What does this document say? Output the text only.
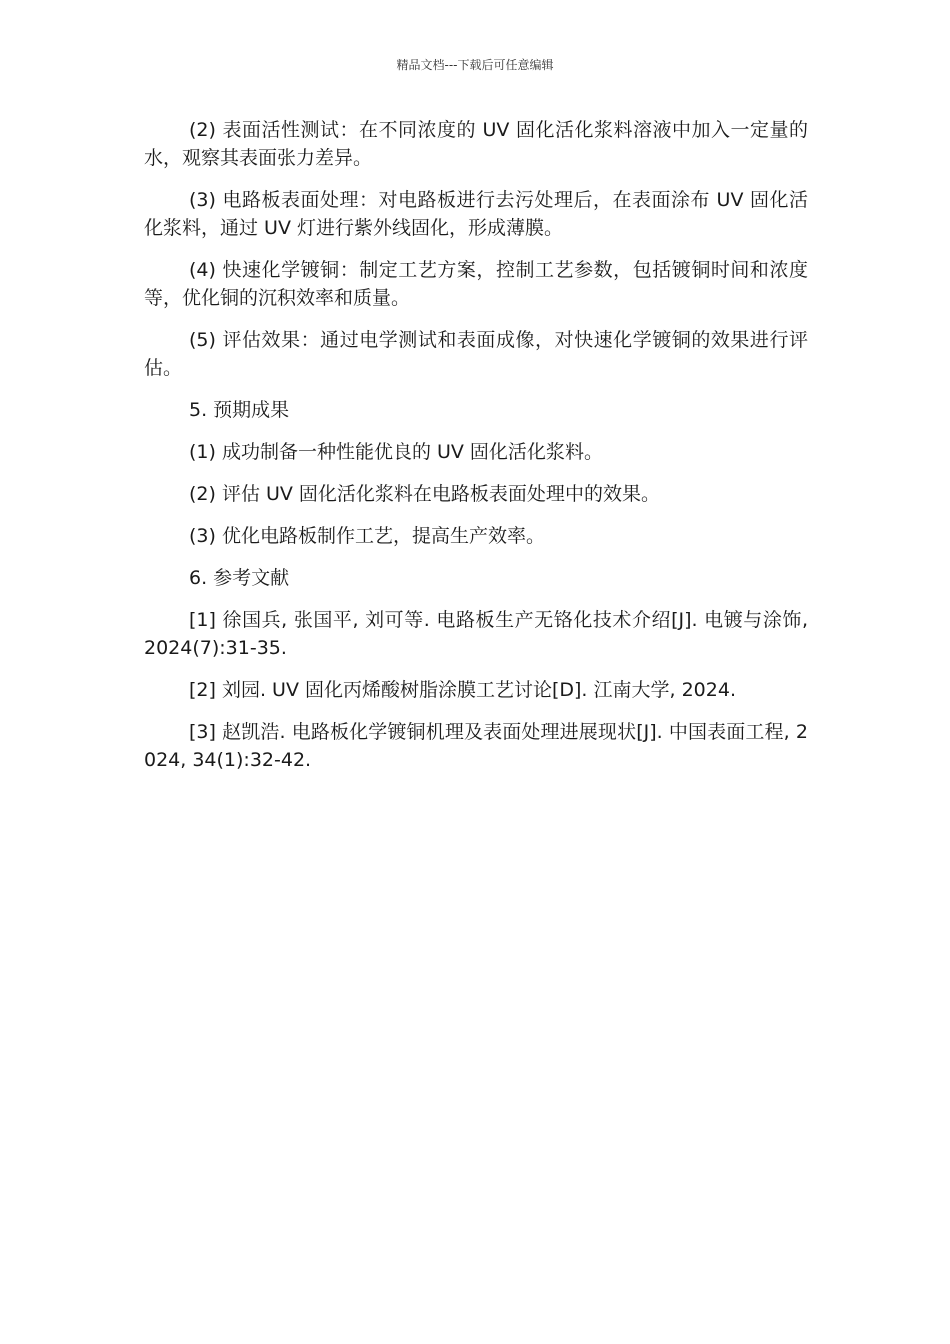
精品文档---下载后可任意编辑

(2) 表面活性测试：在不同浓度的 UV 固化活化浆料溶液中加入一定量的水，观察其表面张力差异。

(3) 电路板表面处理：对电路板进行去污处理后，在表面涂布 UV 固化活化浆料，通过 UV 灯进行紫外线固化，形成薄膜。

(4) 快速化学镀铜：制定工艺方案，控制工艺参数，包括镀铜时间和浓度等，优化铜的沉积效率和质量。

(5) 评估效果：通过电学测试和表面成像，对快速化学镀铜的效果进行评估。

5. 预期成果

(1) 成功制备一种性能优良的 UV 固化活化浆料。

(2) 评估 UV 固化活化浆料在电路板表面处理中的效果。

(3) 优化电路板制作工艺，提高生产效率。

6. 参考文献

[1] 徐国兵, 张国平, 刘可等. 电路板生产无铬化技术介绍[J]. 电镀与涂饰, 2024(7):31-35.

[2] 刘园. UV 固化丙烯酸树脂涂膜工艺讨论[D]. 江南大学, 2024.

[3] 赵凯浩. 电路板化学镀铜机理及表面处理进展现状[J]. 中国表面工程, 2024, 34(1):32-42.
